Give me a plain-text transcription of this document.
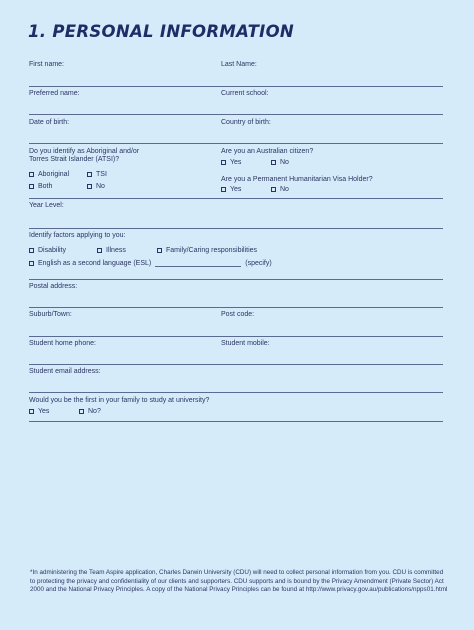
1. PERSONAL INFORMATION
First name:	Last Name:
Preferred name:	Current school:
Date of birth:	Country of birth:
Do you identify as Aboriginal and/or
Torres Strait Islander (ATSI)?
Aboriginal	TSI
Both	No
Are you an Australian citizen?
Yes	No
Are you a Permanent Humanitarian Visa Holder?
Yes	No
Year Level:
Identify factors applying to you:
Disability	Illness	Family/Caring responsibilities
English as a second language (ESL)	(specify)
Postal address:
Suburb/Town:	Post code:
Student home phone:	Student mobile:
Student email address:
Would you be the first in your family to study at university?
Yes	No?
*In administering the Team Aspire application, Charles Darwin University (CDU) will need to collect personal information from you. CDU is committed to protecting the privacy and confidentiality of our clients and supporters. CDU supports and is bound by the Privacy Amendment (Private Sector) Act 2000 and the National Privacy Principles. A copy of the National Privacy Principles can be found at http://www.privacy.gov.au/publications/npps01.html
